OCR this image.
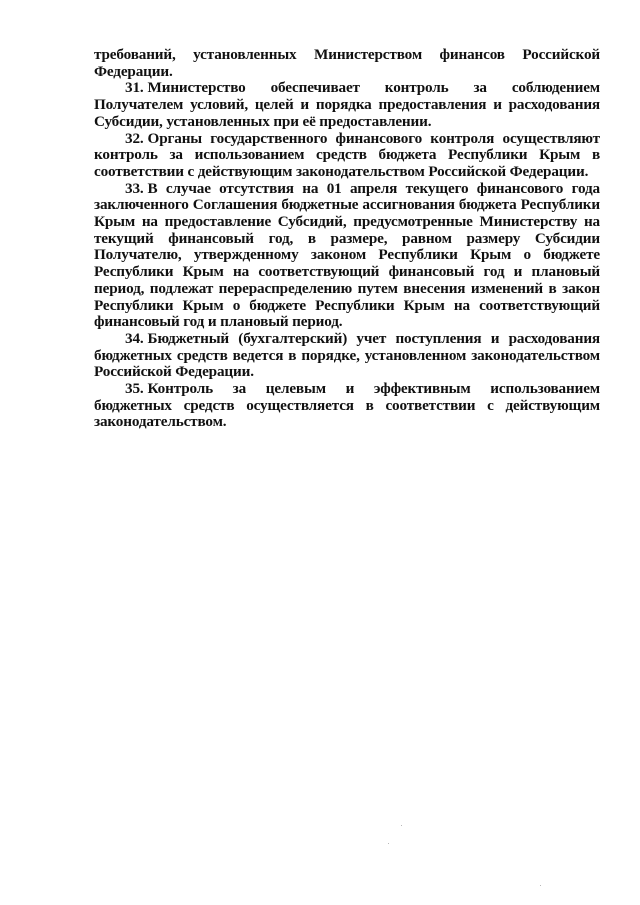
требований, установленных Министерством финансов Российской Федерации.

31. Министерство обеспечивает контроль за соблюдением Получателем условий, целей и порядка предоставления и расходования Субсидии, установленных при её предоставлении.

32. Органы государственного финансового контроля осуществляют контроль за использованием средств бюджета Республики Крым в соответствии с действующим законодательством Российской Федерации.

33. В случае отсутствия на 01 апреля текущего финансового года заключенного Соглашения бюджетные ассигнования бюджета Республики Крым на предоставление Субсидий, предусмотренные Министерству на текущий финансовый год, в размере, равном размеру Субсидии Получателю, утвержденному законом Республики Крым о бюджете Республики Крым на соответствующий финансовый год и плановый период, подлежат перераспределению путем внесения изменений в закон Республики Крым о бюджете Республики Крым на соответствующий финансовый год и плановый период.

34. Бюджетный (бухгалтерский) учет поступления и расходования бюджетных средств ведется в порядке, установленном законодательством Российской Федерации.

35. Контроль за целевым и эффективным использованием бюджетных средств осуществляется в соответствии с действующим законодательством.
